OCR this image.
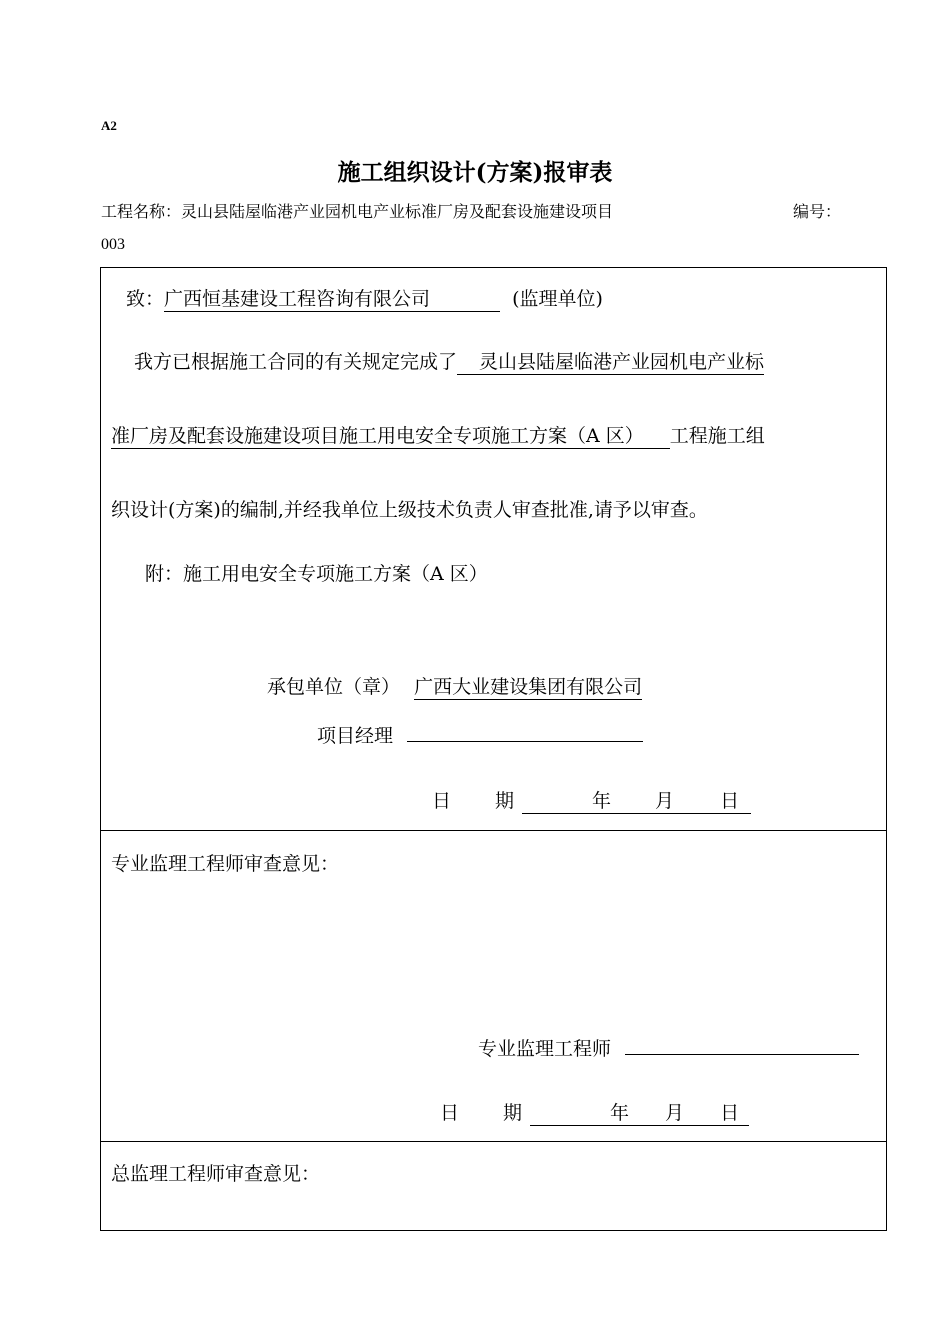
A2
施工组织设计(方案)报审表
工程名称：灵山县陆屋临港产业园机电产业标准厂房及配套设施建设项目	编号：
003
致：广西恒基建设工程咨询有限公司	(监理单位)
我方已根据施工合同的有关规定完成了 灵山县陆屋临港产业园机电产业标
准厂房及配套设施建设项目施工用电安全专项施工方案（A 区） 工程施工组
织设计(方案)的编制,并经我单位上级技术负责人审查批准,请予以审查。
附：施工用电安全专项施工方案（A 区）
承包单位（章） 广西大业建设集团有限公司
项目经理
日 期	年 月 日
专业监理工程师审查意见：
专业监理工程师
日 期	年 月 日
总监理工程师审查意见：
